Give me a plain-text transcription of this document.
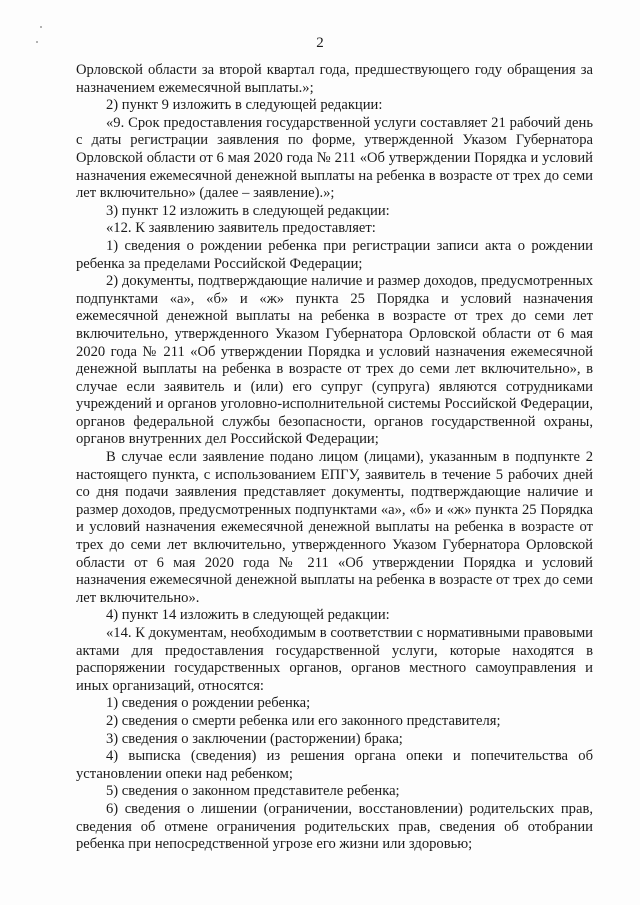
2

Орловской области за второй квартал года, предшествующего году обращения за назначением ежемесячной выплаты.»;

2) пункт 9 изложить в следующей редакции:

«9. Срок предоставления государственной услуги составляет 21 рабочий день с даты регистрации заявления по форме, утвержденной Указом Губернатора Орловской области от 6 мая 2020 года № 211 «Об утверждении Порядка и условий назначения ежемесячной денежной выплаты на ребенка в возрасте от трех до семи лет включительно» (далее – заявление).»;

3) пункт 12 изложить в следующей редакции:

«12. К заявлению заявитель предоставляет:

1) сведения о рождении ребенка при регистрации записи акта о рождении ребенка за пределами Российской Федерации;

2) документы, подтверждающие наличие и размер доходов, предусмотренных подпунктами «а», «б» и «ж» пункта 25 Порядка и условий назначения ежемесячной денежной выплаты на ребенка в возрасте от трех до семи лет включительно, утвержденного Указом Губернатора Орловской области от 6 мая 2020 года № 211 «Об утверждении Порядка и условий назначения ежемесячной денежной выплаты на ребенка в возрасте от трех до семи лет включительно», в случае если заявитель и (или) его супруг (супруга) являются сотрудниками учреждений и органов уголовно-исполнительной системы Российской Федерации, органов федеральной службы безопасности, органов государственной охраны, органов внутренних дел Российской Федерации;

В случае если заявление подано лицом (лицами), указанным в подпункте 2 настоящего пункта, с использованием ЕПГУ, заявитель в течение 5 рабочих дней со дня подачи заявления представляет документы, подтверждающие наличие и размер доходов, предусмотренных подпунктами «а», «б» и «ж» пункта 25 Порядка и условий назначения ежемесячной денежной выплаты на ребенка в возрасте от трех до семи лет включительно, утвержденного Указом Губернатора Орловской области от 6 мая 2020 года № 211 «Об утверждении Порядка и условий назначения ежемесячной денежной выплаты на ребенка в возрасте от трех до семи лет включительно».

4) пункт 14 изложить в следующей редакции:

«14. К документам, необходимым в соответствии с нормативными правовыми актами для предоставления государственной услуги, которые находятся в распоряжении государственных органов, органов местного самоуправления и иных организаций, относятся:

1) сведения о рождении ребенка;

2) сведения о смерти ребенка или его законного представителя;

3) сведения о заключении (расторжении) брака;

4) выписка (сведения) из решения органа опеки и попечительства об установлении опеки над ребенком;

5) сведения о законном представителе ребенка;

6) сведения о лишении (ограничении, восстановлении) родительских прав, сведения об отмене ограничения родительских прав, сведения об отобрании ребенка при непосредственной угрозе его жизни или здоровью;
